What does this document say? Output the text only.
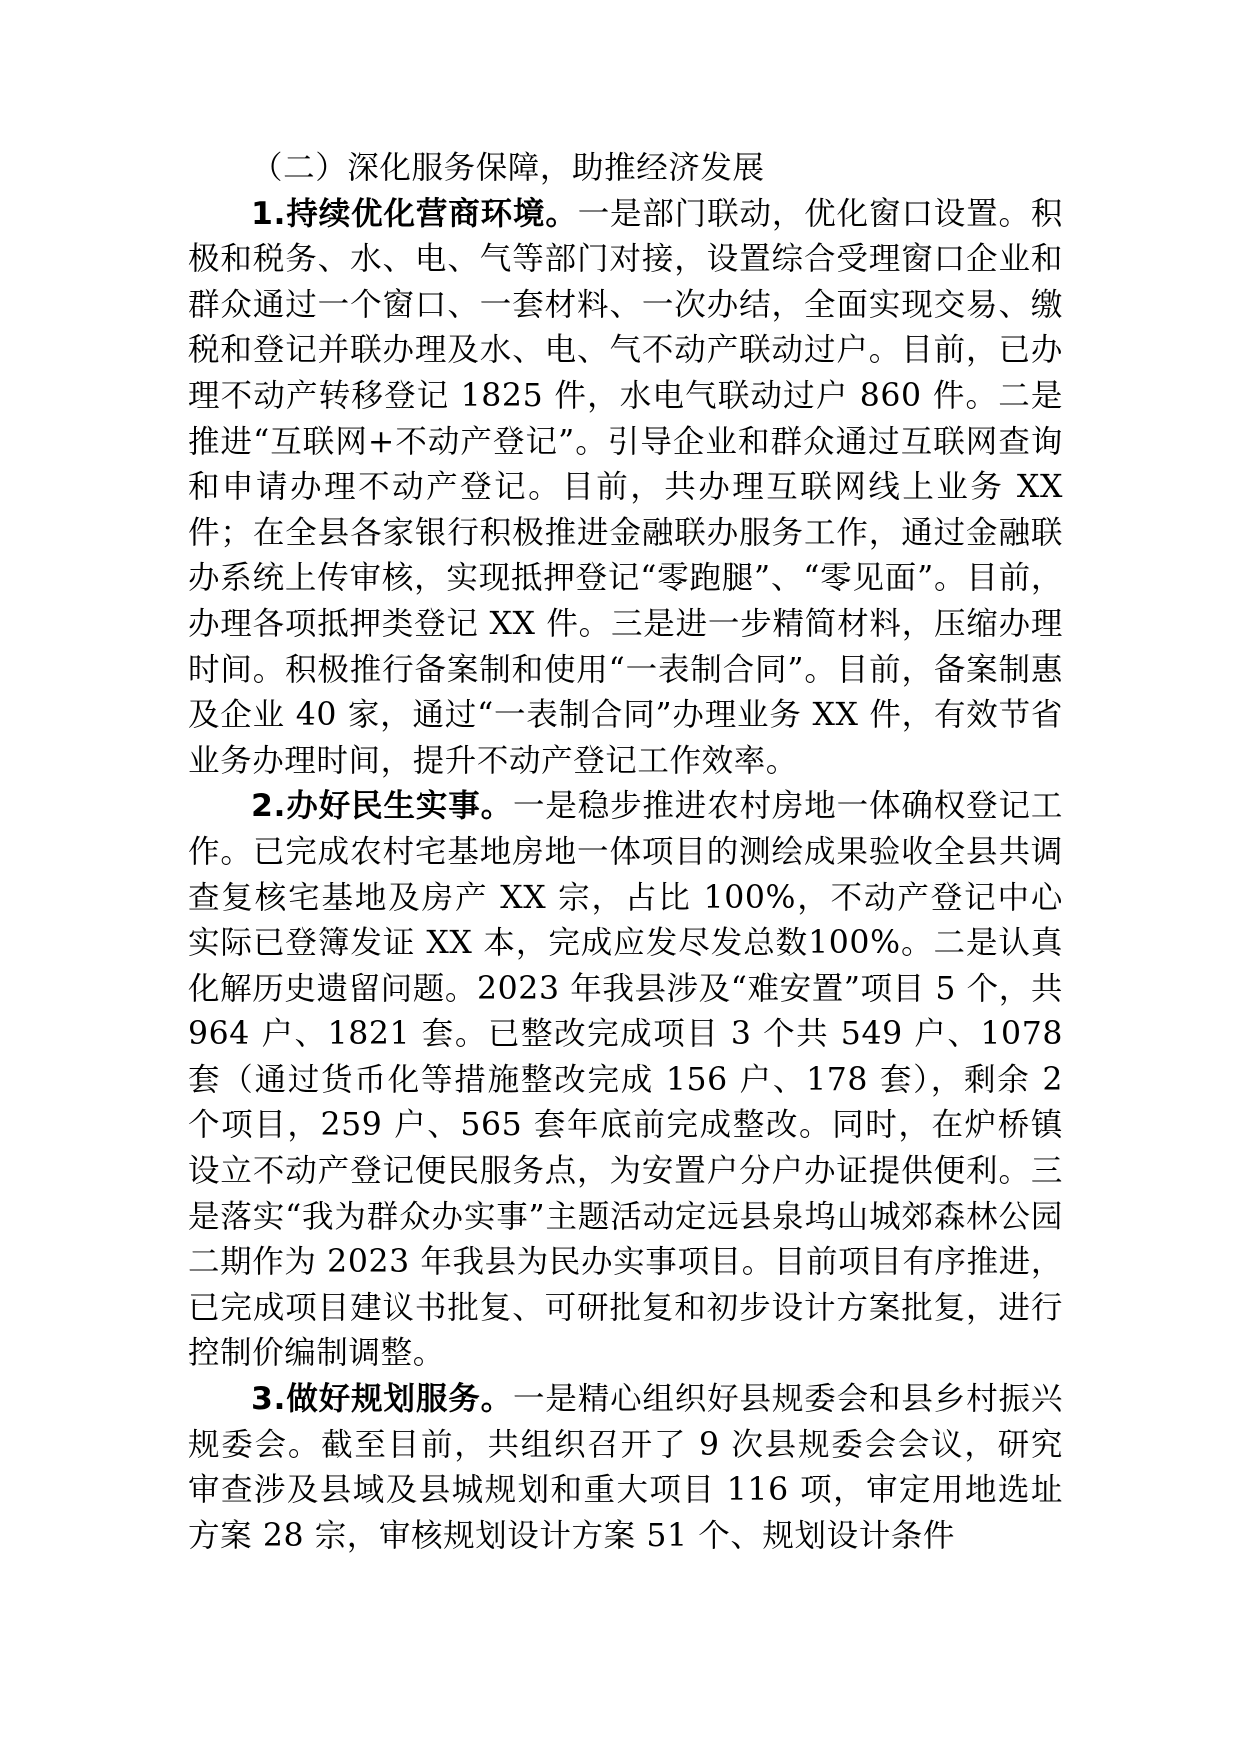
（二）深化服务保障，助推经济发展

1.持续优化营商环境。一是部门联动，优化窗口设置。积极和税务、水、电、气等部门对接，设置综合受理窗口企业和群众通过一个窗口、一套材料、一次办结，全面实现交易、缴税和登记并联办理及水、电、气不动产联动过户。目前，已办理不动产转移登记 1825 件，水电气联动过户 860 件。二是推进“互联网+不动产登记”。引导企业和群众通过互联网查询和申请办理不动产登记。目前，共办理互联网线上业务 XX 件；在全县各家银行积极推进金融联办服务工作，通过金融联办系统上传审核，实现抵押登记“零跑腿”、“零见面”。目前，办理各项抵押类登记 XX 件。三是进一步精简材料，压缩办理时间。积极推行备案制和使用“一表制合同”。目前，备案制惠及企业 40 家，通过“一表制合同”办理业务 XX 件，有效节省业务办理时间，提升不动产登记工作效率。

2.办好民生实事。一是稳步推进农村房地一体确权登记工作。已完成农村宅基地房地一体项目的测绘成果验收全县共调查复核宅基地及房产 XX 宗，占比 100%，不动产登记中心实际已登簿发证 XX 本，完成应发尽发总数100%。二是认真化解历史遗留问题。2023 年我县涉及“难安置”项目 5 个，共 964 户、1821 套。已整改完成项目 3 个共 549 户、1078 套（通过货币化等措施整改完成 156 户、178 套），剩余 2 个项目，259 户、565 套年底前完成整改。同时，在炉桥镇设立不动产登记便民服务点，为安置户分户办证提供便利。三是落实“我为群众办实事”主题活动定远县泉坞山城郊森林公园二期作为 2023 年我县为民办实事项目。目前项目有序推进，已完成项目建议书批复、可研批复和初步设计方案批复，进行控制价编制调整。

3.做好规划服务。一是精心组织好县规委会和县乡村振兴规委会。截至目前，共组织召开了 9 次县规委会会议，研究审查涉及县域及县城规划和重大项目 116 项，审定用地选址方案 28 宗，审核规划设计方案 51 个、规划设计条件
